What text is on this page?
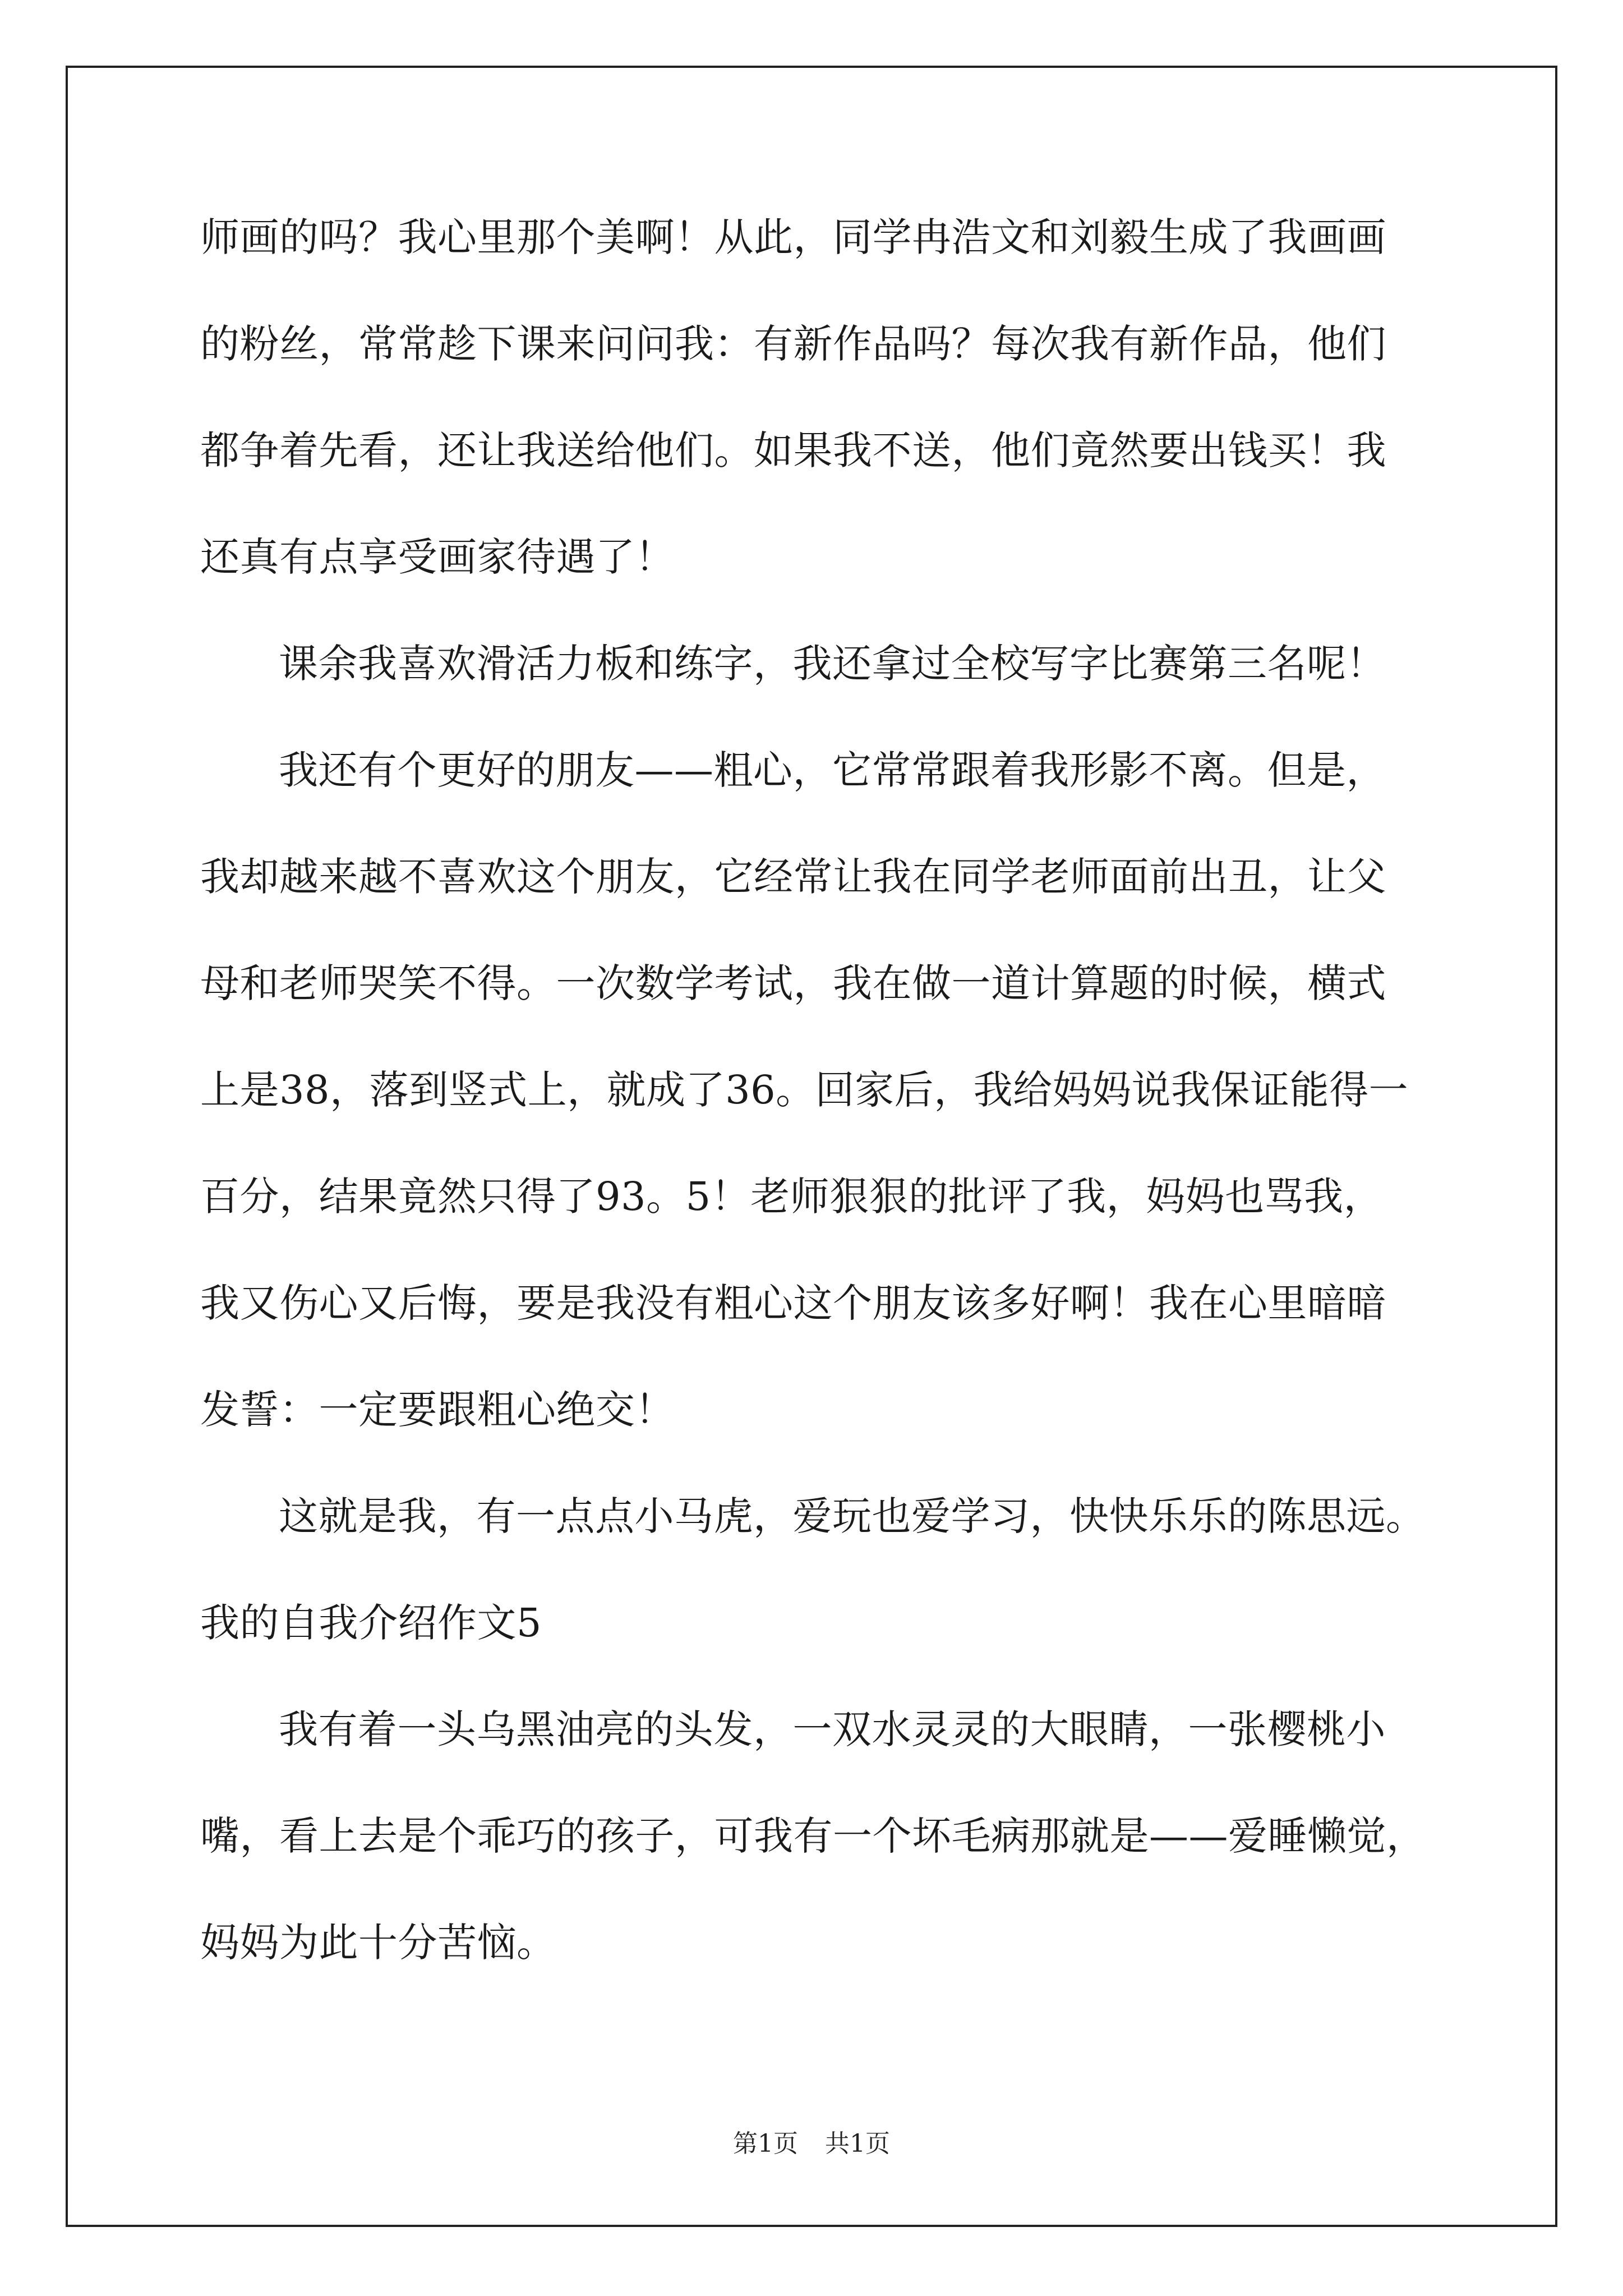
师画的吗？我心里那个美啊！从此，同学冉浩文和刘毅生成了我画画
的粉丝，常常趁下课来问问我：有新作品吗？每次我有新作品，他们
都争着先看，还让我送给他们。如果我不送，他们竟然要出钱买！我
还真有点享受画家待遇了！
课余我喜欢滑活力板和练字，我还拿过全校写字比赛第三名呢！
我还有个更好的朋友——粗心，它常常跟着我形影不离。但是，
我却越来越不喜欢这个朋友，它经常让我在同学老师面前出丑，让父
母和老师哭笑不得。一次数学考试，我在做一道计算题的时候，横式
上是38，落到竖式上，就成了36。回家后，我给妈妈说我保证能得一
百分，结果竟然只得了93。5！老师狠狠的批评了我，妈妈也骂我，
我又伤心又后悔，要是我没有粗心这个朋友该多好啊！我在心里暗暗
发誓：一定要跟粗心绝交！
这就是我，有一点点小马虎，爱玩也爱学习，快快乐乐的陈思远。
我的自我介绍作文5
我有着一头乌黑油亮的头发，一双水灵灵的大眼睛，一张樱桃小
嘴，看上去是个乖巧的孩子，可我有一个坏毛病那就是——爱睡懒觉，
妈妈为此十分苦恼。
第1页 共1页
